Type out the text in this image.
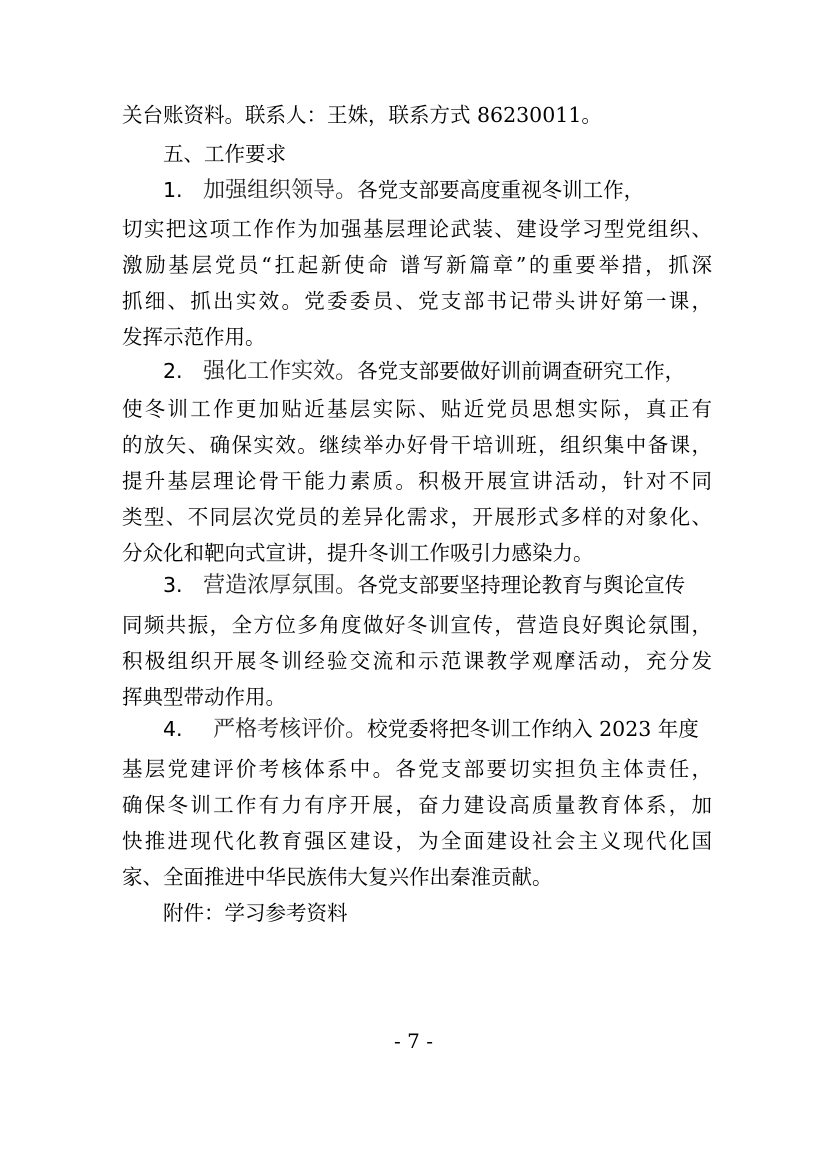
关台账资料。联系人：王姝，联系方式 86230011。
五、工作要求
1. 加强组织领导。各党支部要高度重视冬训工作，
切实把这项工作作为加强基层理论武装、建设学习型党组织、
激励基层党员“扛起新使命 谱写新篇章”的重要举措，抓深
抓细、抓出实效。党委委员、党支部书记带头讲好第一课，
发挥示范作用。
2. 强化工作实效。各党支部要做好训前调查研究工作，
使冬训工作更加贴近基层实际、贴近党员思想实际，真正有
的放矢、确保实效。继续举办好骨干培训班，组织集中备课，
提升基层理论骨干能力素质。积极开展宣讲活动，针对不同
类型、不同层次党员的差异化需求，开展形式多样的对象化、
分众化和靶向式宣讲，提升冬训工作吸引力感染力。
3. 营造浓厚氛围。各党支部要坚持理论教育与舆论宣传
同频共振，全方位多角度做好冬训宣传，营造良好舆论氛围，
积极组织开展冬训经验交流和示范课教学观摩活动，充分发
挥典型带动作用。
4. 严格考核评价。校党委将把冬训工作纳入 2023 年度
基层党建评价考核体系中。各党支部要切实担负主体责任，
确保冬训工作有力有序开展，奋力建设高质量教育体系，加
快推进现代化教育强区建设，为全面建设社会主义现代化国
家、全面推进中华民族伟大复兴作出秦淮贡献。
附件：学习参考资料
- 7 -
